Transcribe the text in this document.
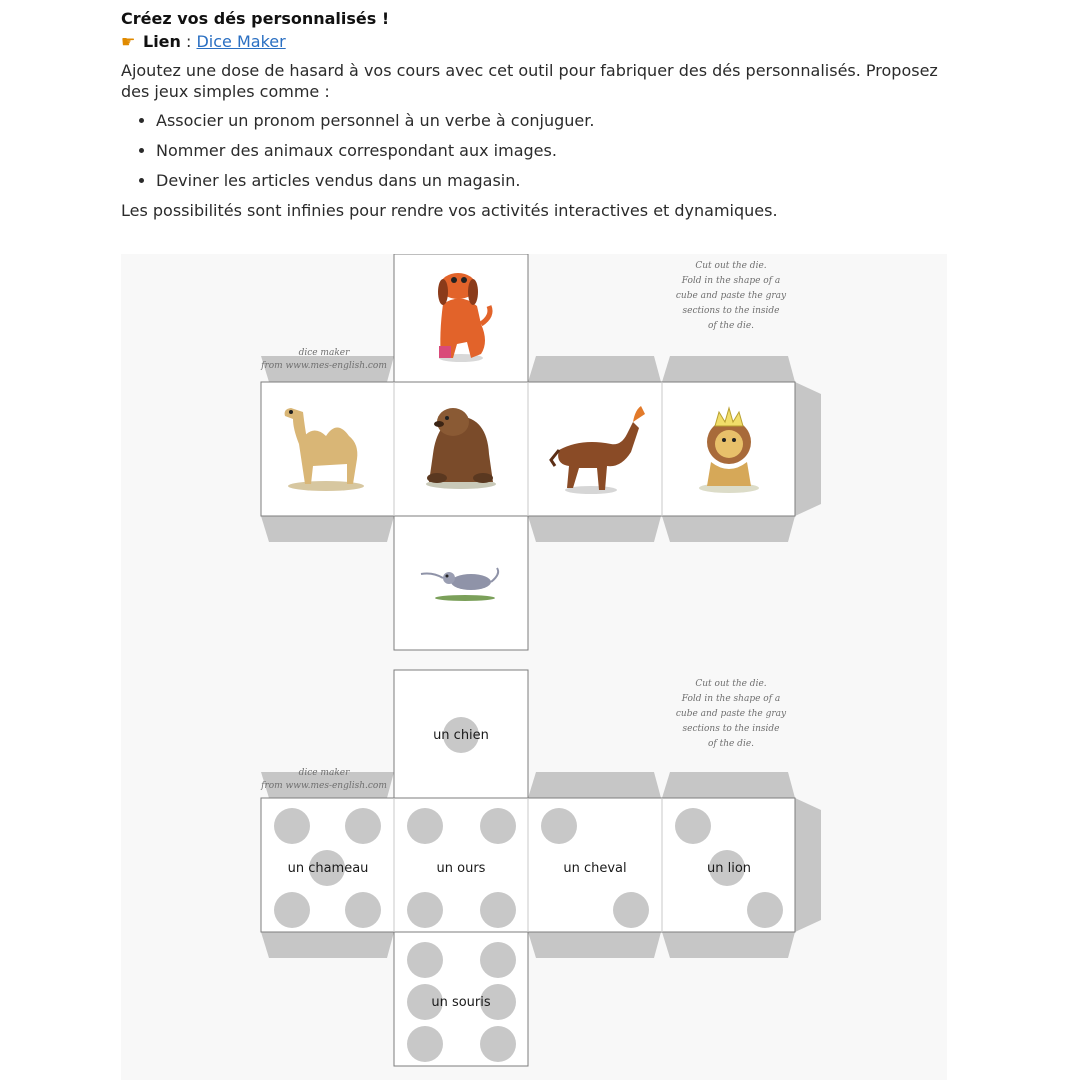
Créez vos dés personnalisés !

☛ Lien : Dice Maker

Ajoutez une dose de hasard à vos cours avec cet outil pour fabriquer des dés personnalisés. Proposez des jeux simples comme :

• Associer un pronom personnel à un verbe à conjuguer.
• Nommer des animaux correspondant aux images.
• Deviner les articles vendus dans un magasin.

Les possibilités sont infinies pour rendre vos activités interactives et dynamiques.

dice maker
from www.mes-english.com
Cut out the die.
Fold in the shape of a
cube and paste the gray
sections to the inside
of the die.
dice maker
from www.mes-english.com
Cut out the die.
Fold in the shape of a
cube and paste the gray
sections to the inside
of the die.
un chien
un chameau	un ours	un cheval	un lion
un souris
